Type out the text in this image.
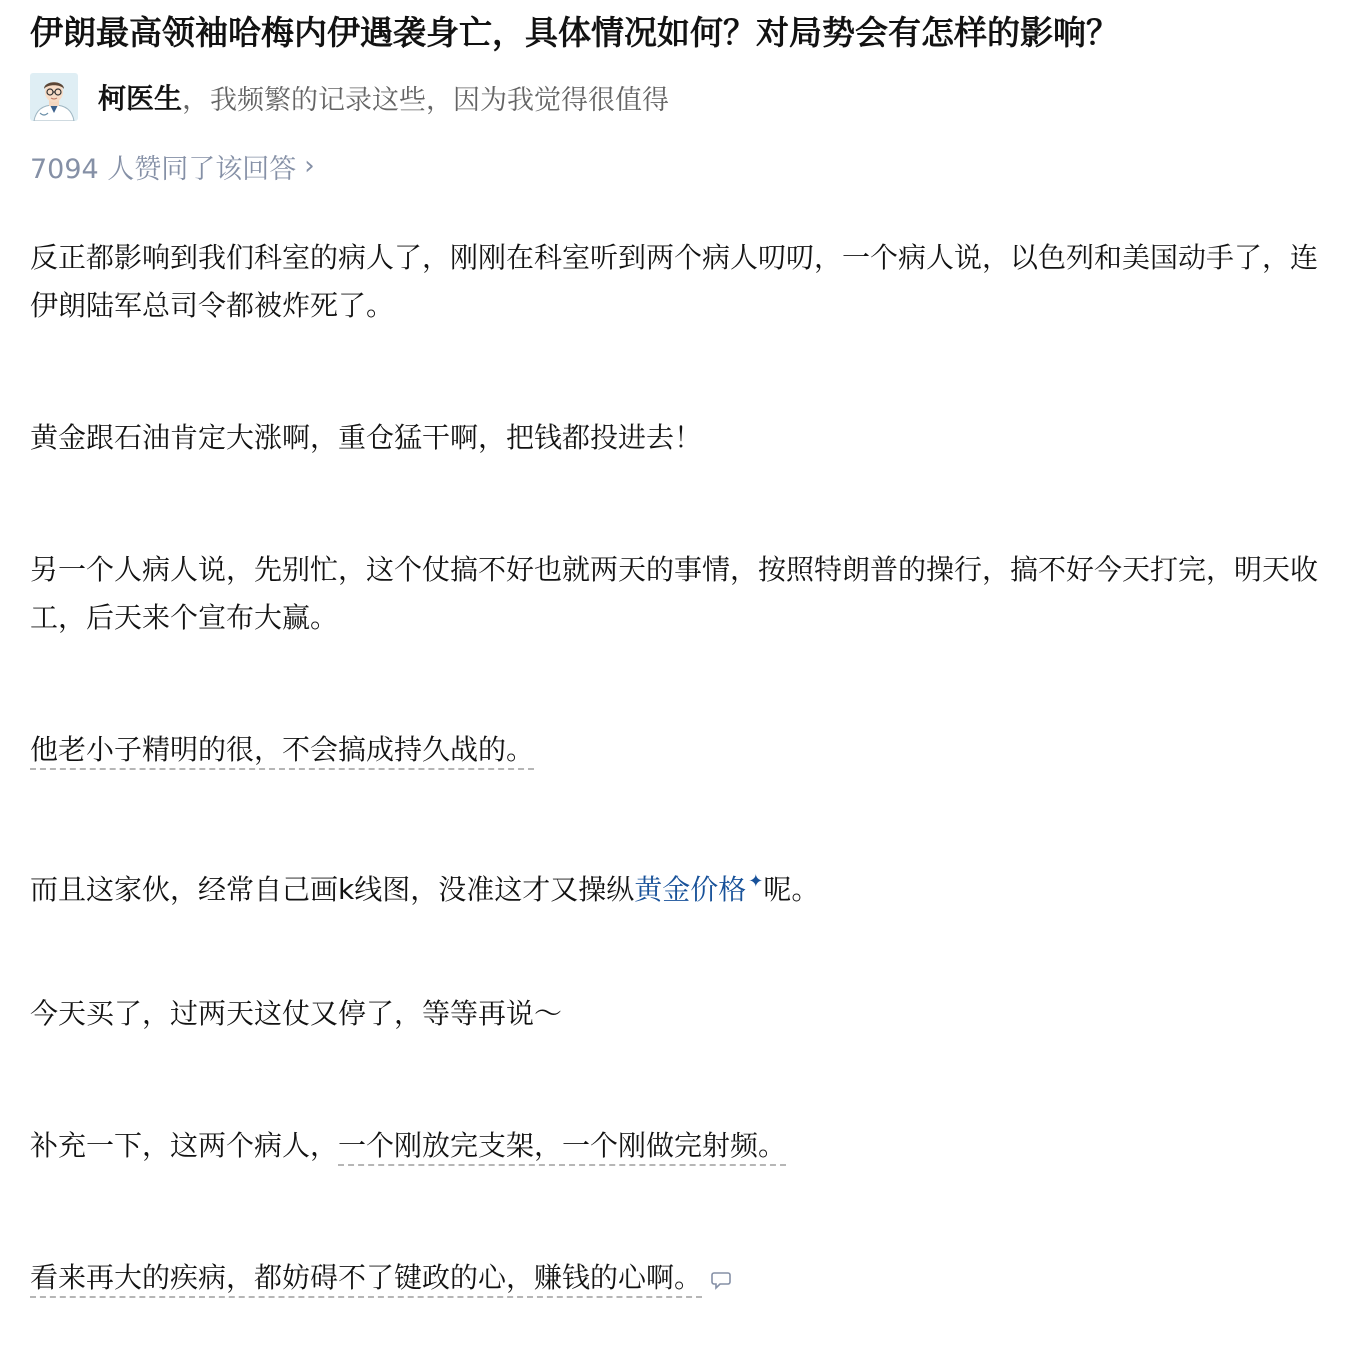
伊朗最高领袖哈梅内伊遇袭身亡，具体情况如何？对局势会有怎样的影响？
柯医生 ， 我频繁的记录这些，因为我觉得很值得
7094 人赞同了该回答 ›

反正都影响到我们科室的病人了，刚刚在科室听到两个病人叨叨，一个病人说，以色列和美国动手了，连伊朗陆军总司令都被炸死了。

黄金跟石油肯定大涨啊，重仓猛干啊，把钱都投进去！

另一个人病人说，先别忙，这个仗搞不好也就两天的事情，按照特朗普的操行，搞不好今天打完，明天收工，后天来个宣布大赢。

他老小子精明的很，不会搞成持久战的。

而且这家伙，经常自己画k线图，没准这才又操纵黄金价格 ✦呢。

今天买了，过两天这仗又停了，等等再说～

补充一下，这两个病人，一个刚放完支架，一个刚做完射频。

看来再大的疾病，都妨碍不了键政的心，赚钱的心啊。
